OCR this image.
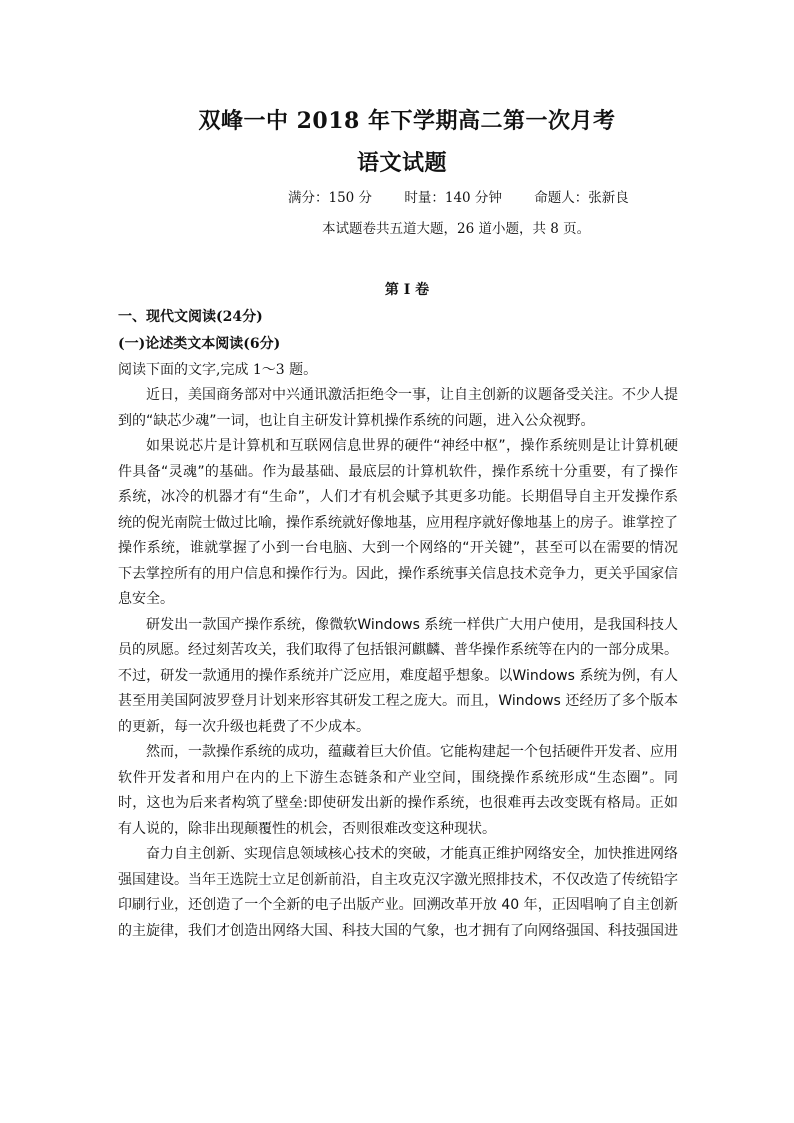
双峰一中 2018 年下学期高二第一次月考
语文试题
满分：150 分 时量：140 分钟 命题人：张新良
本试题卷共五道大题，26 道小题，共 8 页。
第 I 卷
一、现代文阅读(24分)
(一)论述类文本阅读(6分)
阅读下面的文字,完成 1～3 题。

近日，美国商务部对中兴通讯激活拒绝令一事，让自主创新的议题备受关注。不少人提到的“缺芯少魂”一词，也让自主研发计算机操作系统的问题，进入公众视野。

如果说芯片是计算机和互联网信息世界的硬件“神经中枢”，操作系统则是让计算机硬件具备“灵魂”的基础。作为最基础、最底层的计算机软件，操作系统十分重要，有了操作系统，冰冷的机器才有“生命”，人们才有机会赋予其更多功能。长期倡导自主开发操作系统的倪光南院士做过比喻，操作系统就好像地基，应用程序就好像地基上的房子。谁掌控了操作系统，谁就掌握了小到一台电脑、大到一个网络的“开关键”，甚至可以在需要的情况下去掌控所有的用户信息和操作行为。因此，操作系统事关信息技术竞争力，更关乎国家信息安全。

研发出一款国产操作系统，像微软Windows 系统一样供广大用户使用，是我国科技人员的夙愿。经过刻苦攻关，我们取得了包括银河麒麟、普华操作系统等在内的一部分成果。不过，研发一款通用的操作系统并广泛应用，难度超乎想象。以Windows 系统为例，有人甚至用美国阿波罗登月计划来形容其研发工程之庞大。而且，Windows 还经历了多个版本的更新，每一次升级也耗费了不少成本。

然而，一款操作系统的成功，蕴藏着巨大价值。它能构建起一个包括硬件开发者、应用软件开发者和用户在内的上下游生态链条和产业空间，围绕操作系统形成“生态圈”。同时，这也为后来者构筑了壁垒:即使研发出新的操作系统，也很难再去改变既有格局。正如有人说的，除非出现颠覆性的机会，否则很难改变这种现状。

奋力自主创新、实现信息领域核心技术的突破，才能真正维护网络安全，加快推进网络强国建设。当年王选院士立足创新前沿，自主攻克汉字激光照排技术，不仅改造了传统铅字印刷行业，还创造了一个全新的电子出版产业。回溯改革开放 40 年，正因唱响了自主创新的主旋律，我们才创造出网络大国、科技大国的气象，也才拥有了向网络强国、科技强国进
